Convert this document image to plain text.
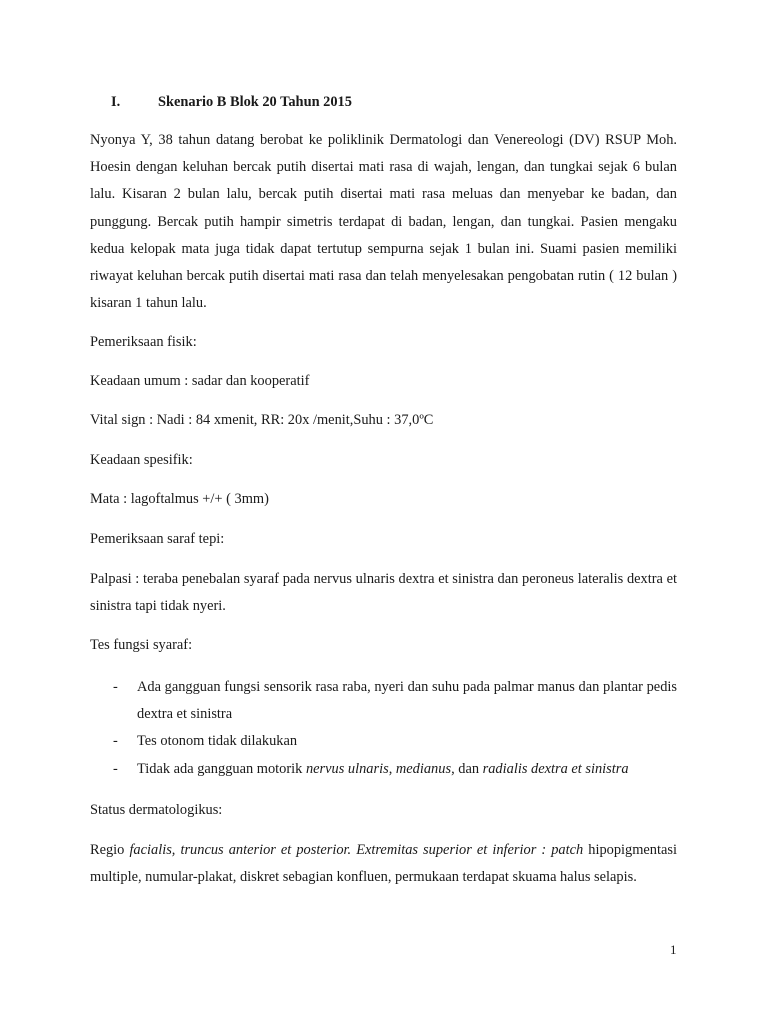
I.	Skenario B Blok 20 Tahun 2015
Nyonya Y, 38 tahun datang berobat ke poliklinik Dermatologi dan Venereologi (DV) RSUP Moh. Hoesin dengan keluhan bercak putih disertai mati rasa di wajah, lengan, dan tungkai sejak 6 bulan lalu. Kisaran 2 bulan lalu, bercak putih disertai mati rasa meluas dan menyebar ke badan, dan punggung. Bercak putih hampir simetris terdapat di badan, lengan, dan tungkai. Pasien mengaku kedua kelopak mata juga tidak dapat tertutup sempurna sejak 1 bulan ini. Suami pasien memiliki riwayat keluhan bercak putih disertai mati rasa dan telah menyelesakan pengobatan rutin ( 12 bulan ) kisaran 1 tahun lalu.
Pemeriksaan fisik:
Keadaan umum : sadar dan kooperatif
Vital sign : Nadi : 84 xmenit, RR: 20x /menit,Suhu : 37,0ºC
Keadaan spesifik:
Mata : lagoftalmus +/+ ( 3mm)
Pemeriksaan saraf tepi:
Palpasi : teraba penebalan syaraf pada nervus ulnaris dextra et sinistra dan peroneus lateralis dextra et sinistra tapi tidak nyeri.
Tes fungsi syaraf:
- Ada gangguan fungsi sensorik rasa raba, nyeri dan suhu pada palmar manus dan plantar pedis dextra et sinistra
- Tes otonom tidak dilakukan
- Tidak ada gangguan motorik nervus ulnaris, medianus, dan radialis dextra et sinistra
Status dermatologikus:
Regio facialis, truncus anterior et posterior. Extremitas superior et inferior : patch hipopigmentasi multiple, numular-plakat, diskret sebagian konfluen, permukaan terdapat skuama halus selapis.
1
